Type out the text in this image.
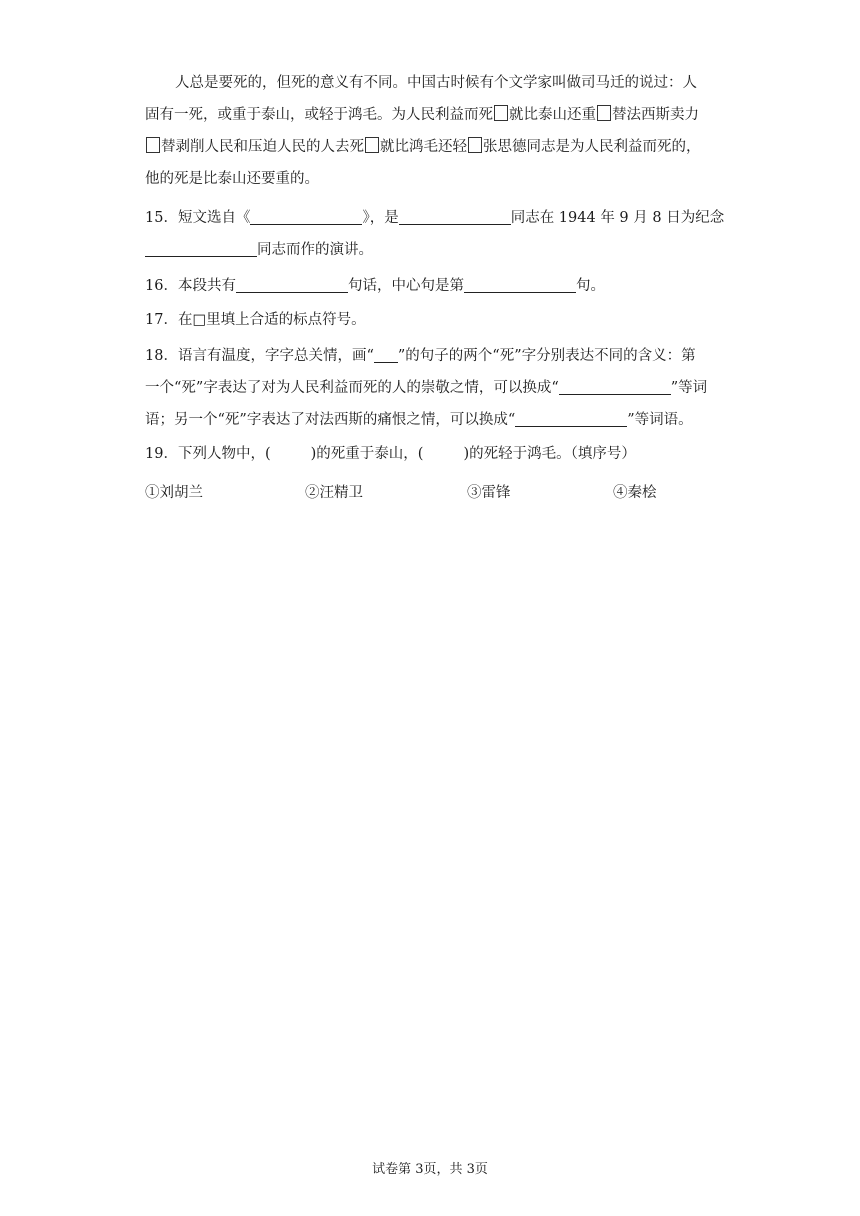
人总是要死的，但死的意义有不同。中国古时候有个文学家叫做司马迁的说过：人
固有一死，或重于泰山，或轻于鸿毛。为人民利益而死 就比泰山还重 替法西斯卖力
替剥削人民和压迫人民的人去死 就比鸿毛还轻 张思德同志是为人民利益而死的，
他的死是比泰山还要重的。
15．短文选自《	》，是	同志在 1944 年 9 月 8 日为纪念
同志而作的演讲。
16．本段共有	句话，中心句是第	句。
17．在□里填上合适的标点符号。
18．语言有温度，字字总关情，画“ ”的句子的两个“死”字分别表达不同的含义：第
一个“死”字表达了对为人民利益而死的人的崇敬之情，可以换成“	”等词
语；另一个“死”字表达了对法西斯的痛恨之情，可以换成“	”等词语。
19．下列人物中，(	)的死重于泰山，(	)的死轻于鸿毛。（填序号）
①刘胡兰	②汪精卫	③雷锋	④秦桧
试卷第 3页，共 3页
